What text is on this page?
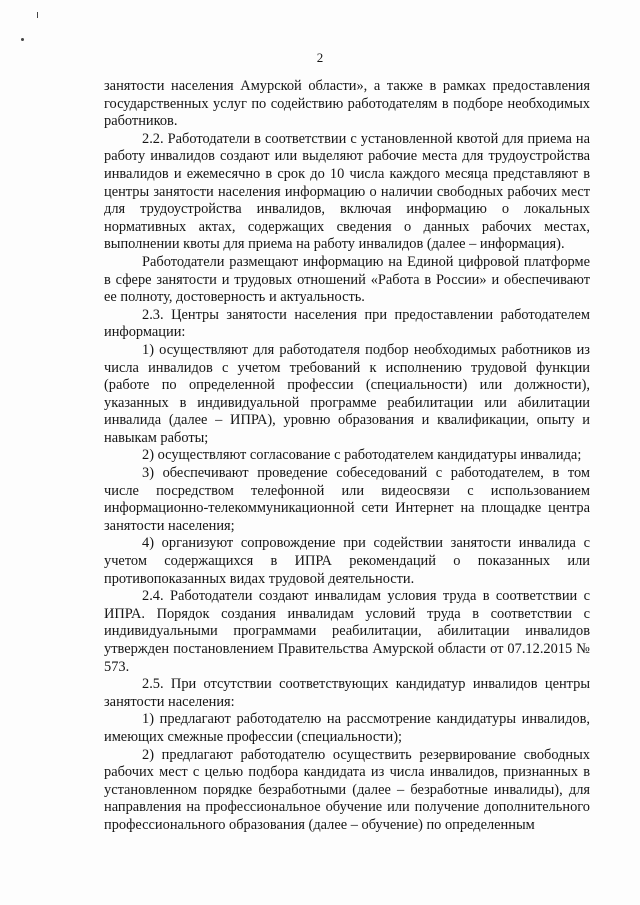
2

занятости населения Амурской области», а также в рамках предоставления государственных услуг по содействию работодателям в подборе необходимых работников.

2.2. Работодатели в соответствии с установленной квотой для приема на работу инвалидов создают или выделяют рабочие места для трудоустройства инвалидов и ежемесячно в срок до 10 числа каждого месяца представляют в центры занятости населения информацию о наличии свободных рабочих мест для трудоустройства инвалидов, включая информацию о локальных нормативных актах, содержащих сведения о данных рабочих местах, выполнении квоты для приема на работу инвалидов (далее – информация).

Работодатели размещают информацию на Единой цифровой платформе в сфере занятости и трудовых отношений «Работа в России» и обеспечивают ее полноту, достоверность и актуальность.

2.3. Центры занятости населения при предоставлении работодателем информации:

1) осуществляют для работодателя подбор необходимых работников из числа инвалидов с учетом требований к исполнению трудовой функции (работе по определенной профессии (специальности) или должности), указанных в индивидуальной программе реабилитации или абилитации инвалида (далее – ИПРА), уровню образования и квалификации, опыту и навыкам работы;

2) осуществляют согласование с работодателем кандидатуры инвалида;

3) обеспечивают проведение собеседований с работодателем, в том числе посредством телефонной или видеосвязи с использованием информационно-телекоммуникационной сети Интернет на площадке центра занятости населения;

4) организуют сопровождение при содействии занятости инвалида с учетом содержащихся в ИПРА рекомендаций о показанных или противопоказанных видах трудовой деятельности.

2.4. Работодатели создают инвалидам условия труда в соответствии с ИПРА. Порядок создания инвалидам условий труда в соответствии с индивидуальными программами реабилитации, абилитации инвалидов утвержден постановлением Правительства Амурской области от 07.12.2015 № 573.

2.5. При отсутствии соответствующих кандидатур инвалидов центры занятости населения:

1) предлагают работодателю на рассмотрение кандидатуры инвалидов, имеющих смежные профессии (специальности);

2) предлагают работодателю осуществить резервирование свободных рабочих мест с целью подбора кандидата из числа инвалидов, признанных в установленном порядке безработными (далее – безработные инвалиды), для направления на профессиональное обучение или получение дополнительного профессионального образования (далее – обучение) по определенным
